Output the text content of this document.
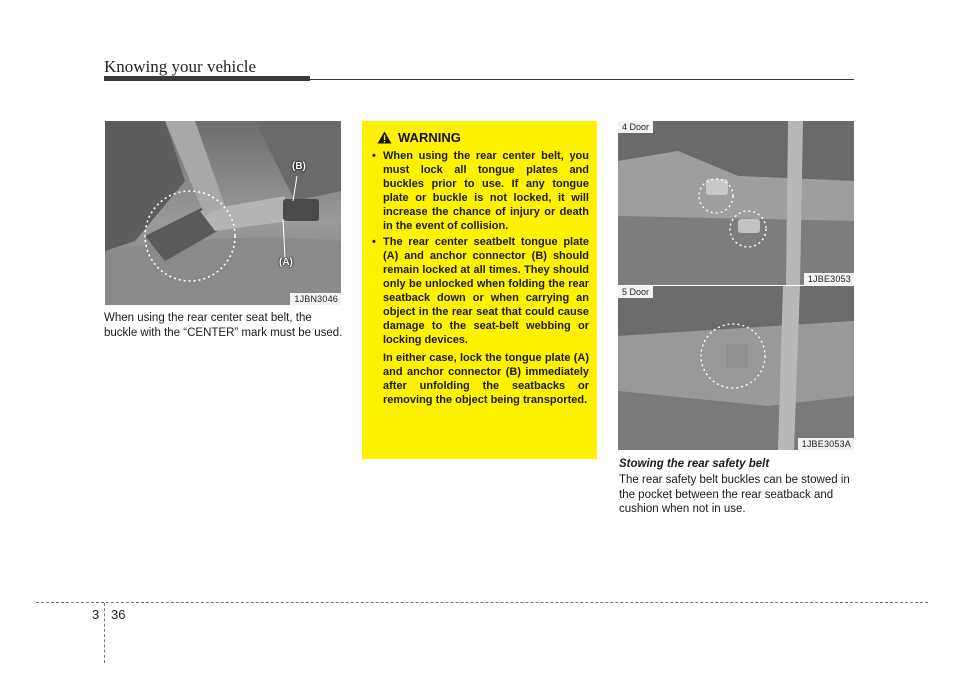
Knowing your vehicle
(B)
(A)
1JBN3046
When using the rear center seat belt, the buckle with the “CENTER” mark must be used.
WARNING
• When using the rear center belt, you must lock all tongue plates and buckles prior to use. If any tongue plate or buckle is not locked, it will increase the chance of injury or death in the event of collision.
• The rear center seatbelt tongue plate (A) and anchor connector (B) should remain locked at all times. They should only be unlocked when folding the rear seatback down or when carrying an object in the rear seat that could cause damage to the seat-belt webbing or locking devices.
In either case, lock the tongue plate (A) and anchor connector (B) immediately after unfolding the seatbacks or removing the object being transported.
4 Door
1JBE3053
5 Door
1JBE3053A
Stowing the rear safety belt
The rear safety belt buckles can be stowed in the pocket between the rear seatback and cushion when not in use.
3 36
